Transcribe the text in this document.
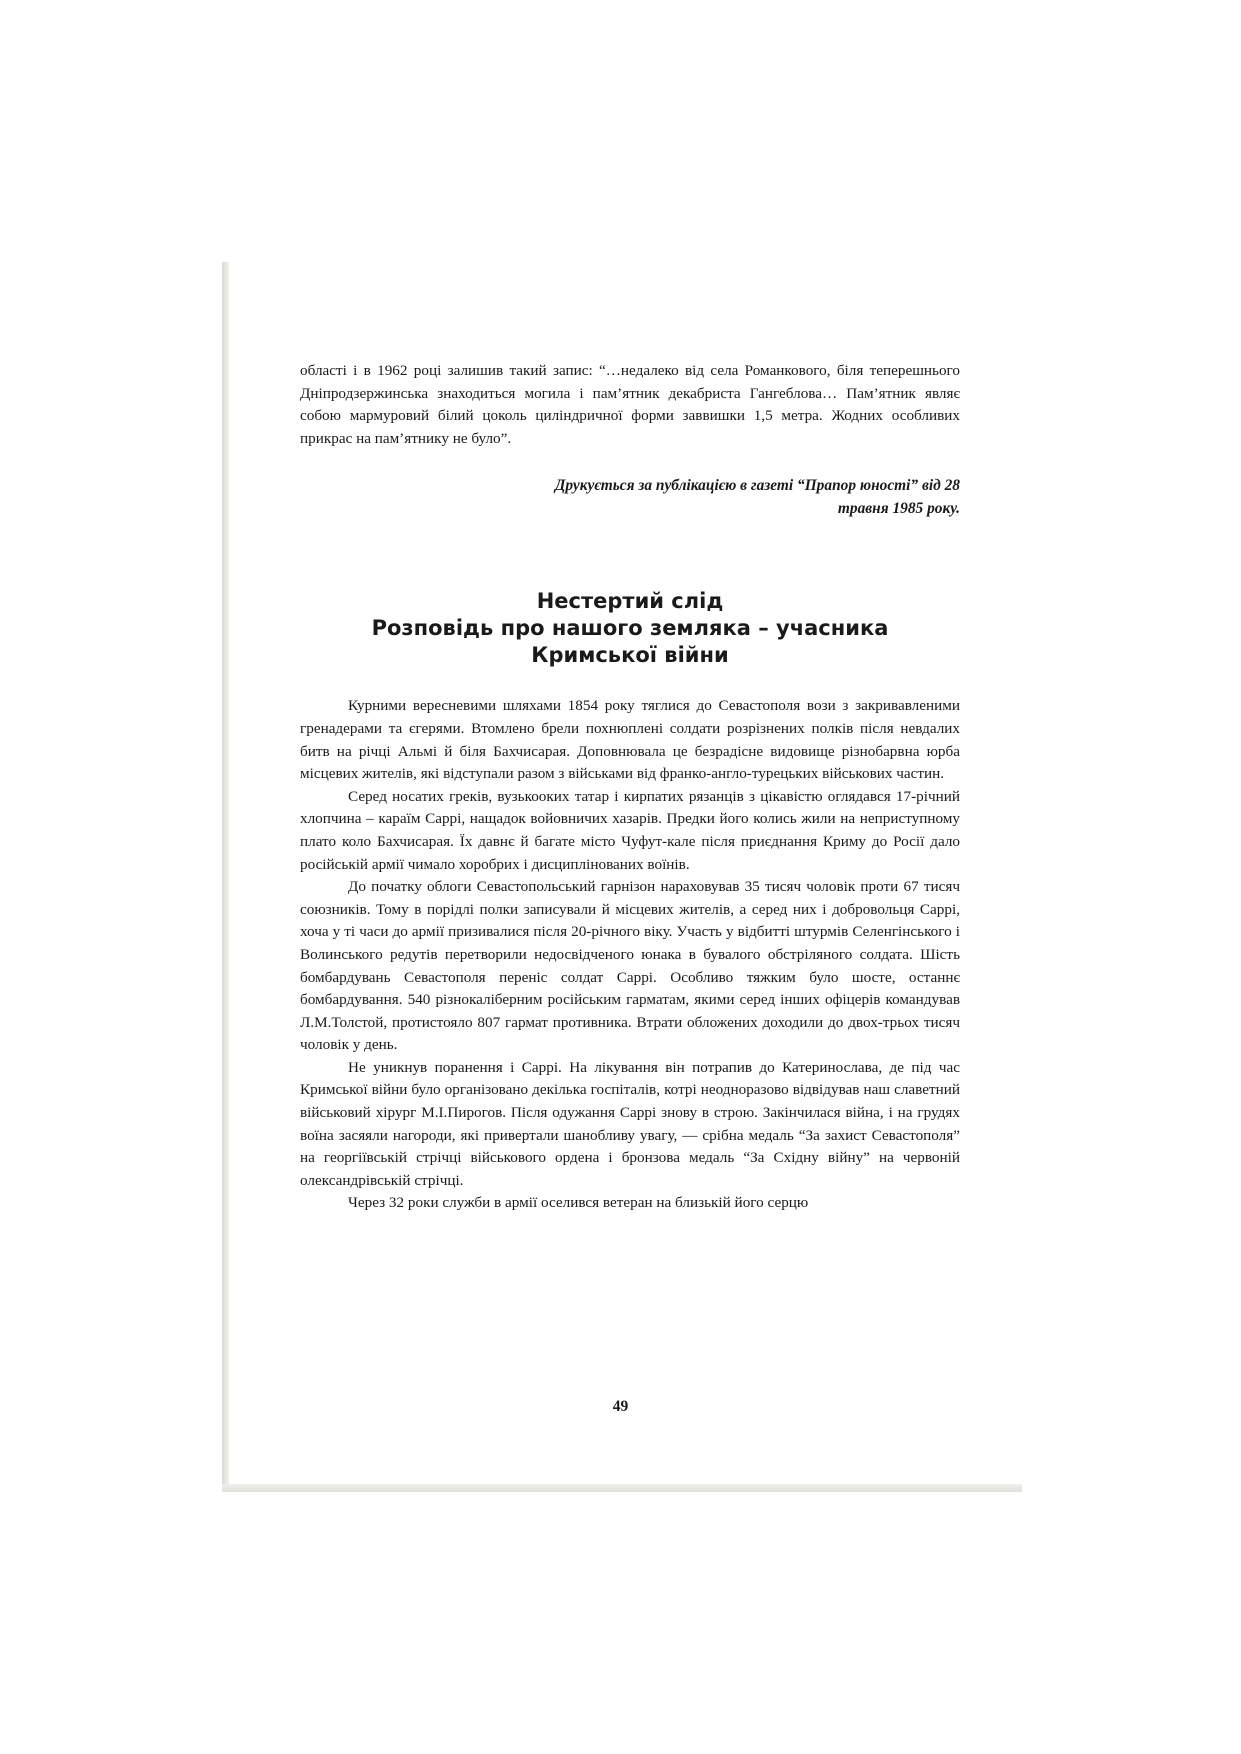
області і в 1962 році залишив такий запис: “…недалеко від села Романкового, біля теперешнього Дніпродзержинська знаходиться могила і пам’ятник декабриста Гангеблова… Пам’ятник являє собою мармуровий білий цоколь циліндричної форми заввишки 1,5 метра. Жодних особливих прикрас на пам’ятнику не було”.

Друкується за публікацією в газеті “Прапор юності” від 28
травня 1985 року.
Нестертий слід
Розповідь про нашого земляка – учасника
Кримської війни

Курними вересневими шляхами 1854 року тяглися до Севастополя вози з закривавленими гренадерами та єгерями. Втомлено брели похнюплені солдати розрізнених полків після невдалих битв на річці Альмі й біля Бахчисарая. Доповнювала це безрадісне видовище різнобарвна юрба місцевих жителів, які відступали разом з військами від франко-англо-турецьких військових частин.

Серед носатих греків, вузькооких татар і кирпатих рязанців з цікавістю оглядався 17-річний хлопчина – караїм Саррі, нащадок войовничих хазарів. Предки його колись жили на неприступному плато коло Бахчисарая. Їх давнє й багате місто Чуфут-кале після приєднання Криму до Росії дало російській армії чимало хоробрих і дисциплінованих воїнів.

До початку облоги Севастопольський гарнізон нараховував 35 тисяч чоловік проти 67 тисяч союзників. Тому в порідлі полки записували й місцевих жителів, а серед них і добровольця Саррі, хоча у ті часи до армії призивалися після 20-річного віку. Участь у відбитті штурмів Селенгінського і Волинського редутів перетворили недосвідченого юнака в бувалого обстріляного солдата. Шість бомбардувань Севастополя переніс солдат Саррі. Особливо тяжким було шосте, останнє бомбардування. 540 різнокаліберним російським гарматам, якими серед інших офіцерів командував Л.М.Толстой, протистояло 807 гармат противника. Втрати обложених доходили до двох-трьох тисяч чоловік у день.

Не уникнув поранення і Саррі. На лікування він потрапив до Катеринослава, де під час Кримської війни було організовано декілька госпіталів, котрі неодноразово відвідував наш славетний військовий хірург М.І.Пирогов. Після одужання Саррі знову в строю. Закінчилася війна, і на грудях воїна засяяли нагороди, які привертали шанобливу увагу, — срібна медаль “За захист Севастополя” на георгіївській стрічці військового ордена і бронзова медаль “За Східну війну” на червоній олександрівській стрічці.

Через 32 роки служби в армії оселився ветеран на близькій його серцю

49
